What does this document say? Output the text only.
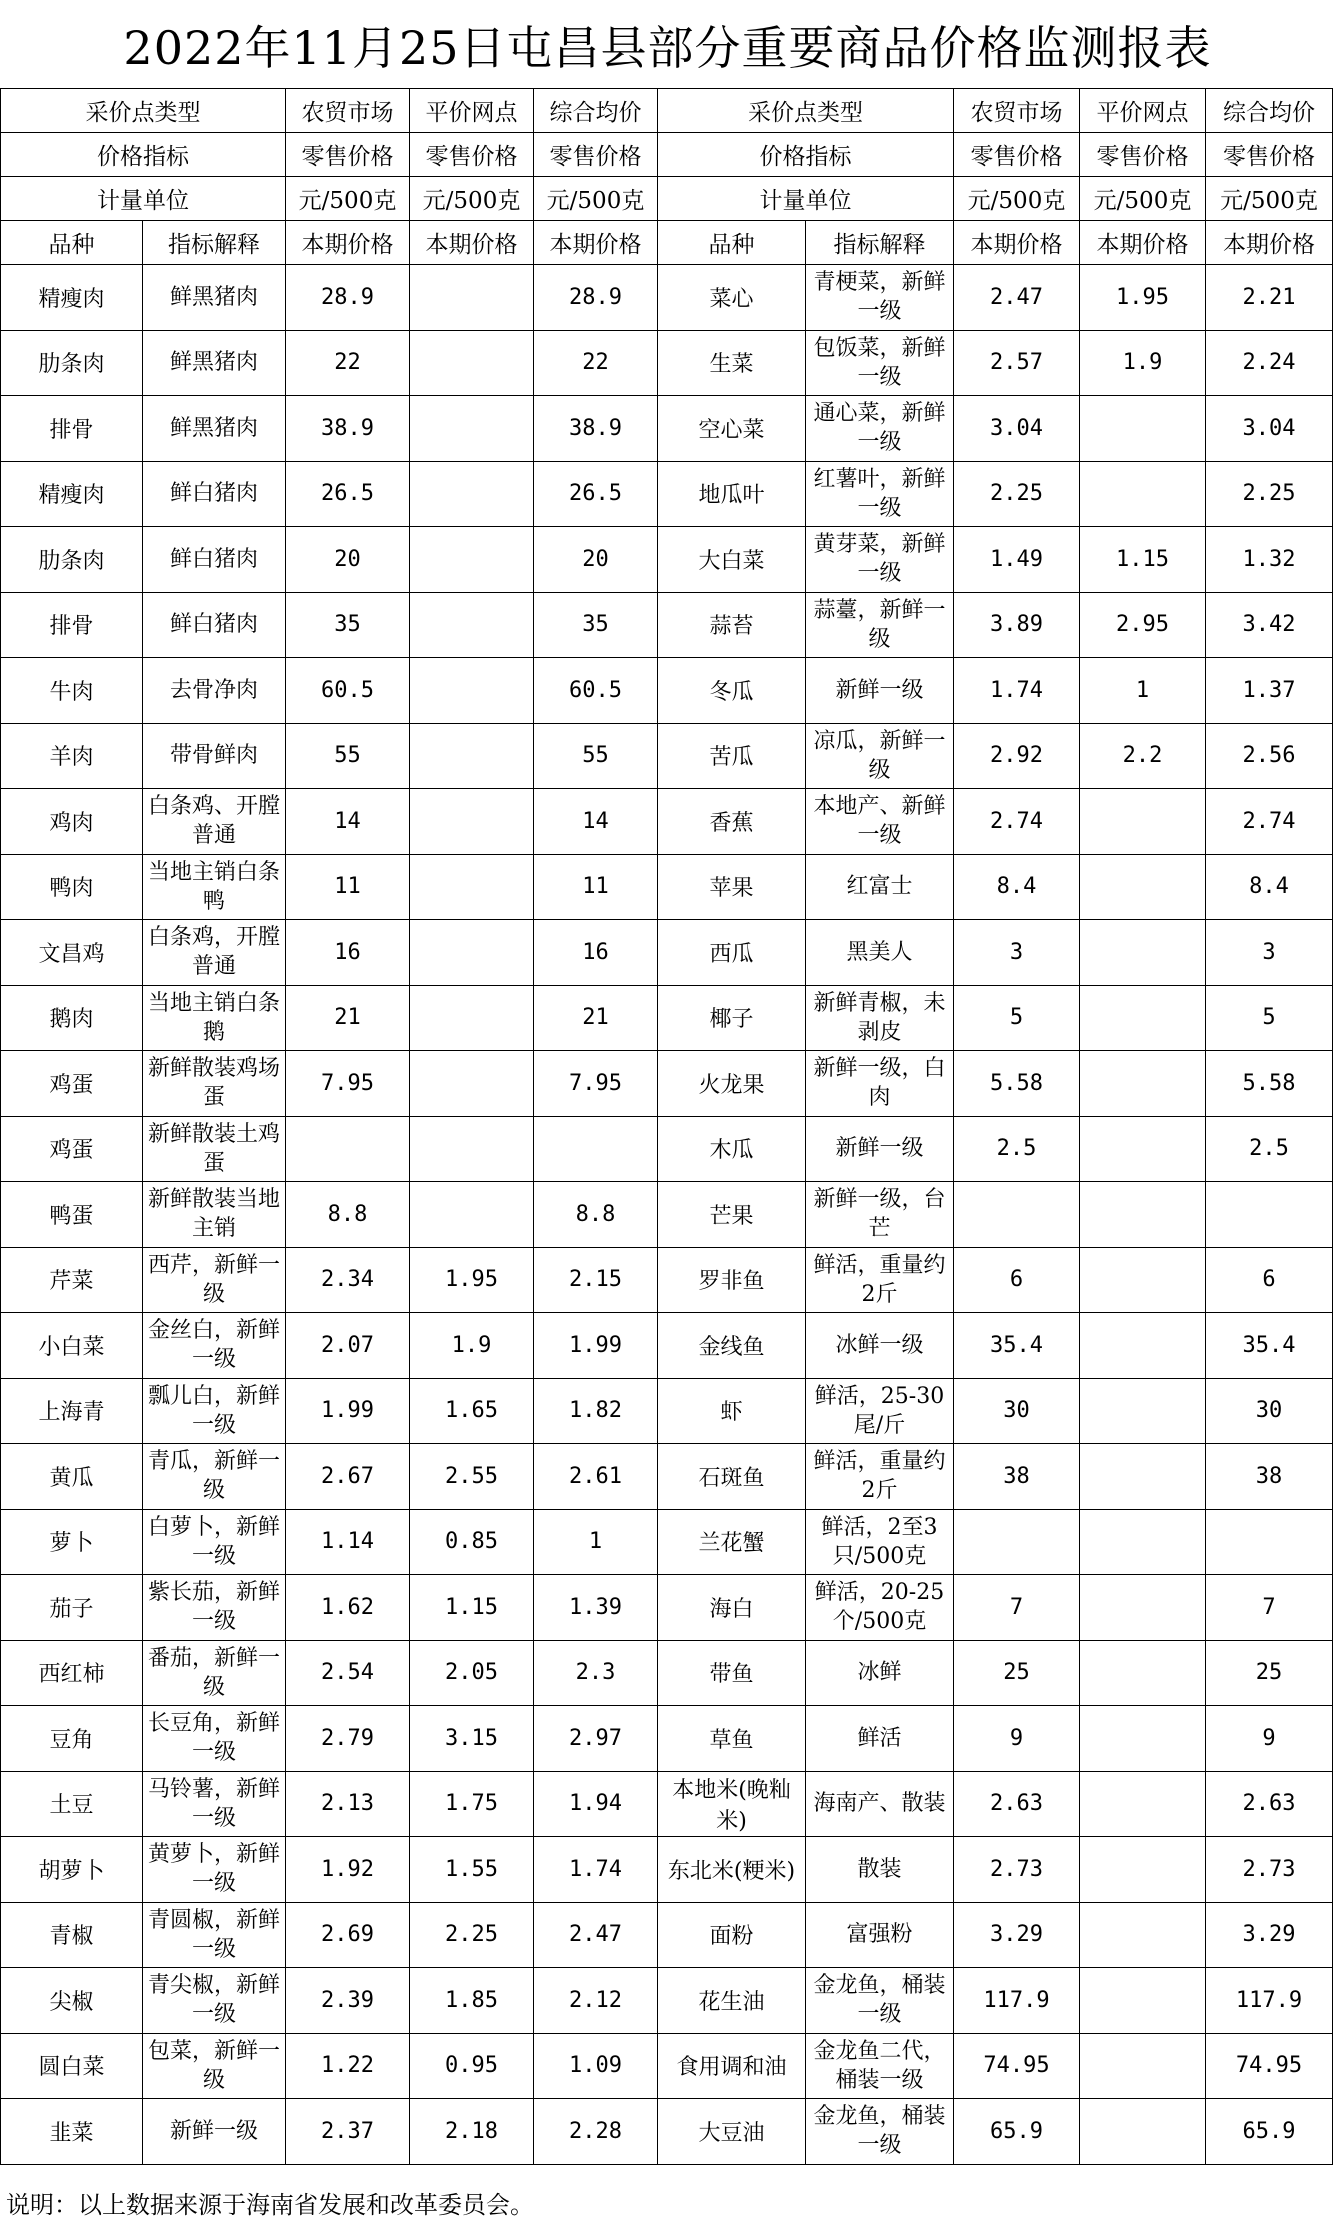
2022年11月25日屯昌县部分重要商品价格监测报表
采价点类型		农贸市场	平价网点	综合均价	采价点类型		农贸市场	平价网点	综合均价
价格指标		零售价格	零售价格	零售价格	价格指标		零售价格	零售价格	零售价格
计量单位		元/500克	元/500克	元/500克	计量单位		元/500克	元/500克	元/500克
品种	指标解释	本期价格	本期价格	本期价格	品种	指标解释	本期价格	本期价格	本期价格
精瘦肉	鲜黑猪肉	28.9		28.9	菜心	青梗菜，新鲜一级	2.47	1.95	2.21
肋条肉	鲜黑猪肉	22		22	生菜	包饭菜，新鲜一级	2.57	1.9	2.24
排骨	鲜黑猪肉	38.9		38.9	空心菜	通心菜，新鲜一级	3.04		3.04
精瘦肉	鲜白猪肉	26.5		26.5	地瓜叶	红薯叶，新鲜一级	2.25		2.25
肋条肉	鲜白猪肉	20		20	大白菜	黄芽菜，新鲜一级	1.49	1.15	1.32
排骨	鲜白猪肉	35		35	蒜苔	蒜薹，新鲜一级	3.89	2.95	3.42
牛肉	去骨净肉	60.5		60.5	冬瓜	新鲜一级	1.74	1	1.37
羊肉	带骨鲜肉	55		55	苦瓜	凉瓜，新鲜一级	2.92	2.2	2.56
鸡肉	白条鸡、开膛普通	14		14	香蕉	本地产、新鲜一级	2.74		2.74
鸭肉	当地主销白条鸭	11		11	苹果	红富士	8.4		8.4
文昌鸡	白条鸡，开膛普通	16		16	西瓜	黑美人	3		3
鹅肉	当地主销白条鹅	21		21	椰子	新鲜青椒，未剥皮	5		5
鸡蛋	新鲜散装鸡场蛋	7.95		7.95	火龙果	新鲜一级，白肉	5.58		5.58
鸡蛋	新鲜散装土鸡蛋				木瓜	新鲜一级	2.5		2.5
鸭蛋	新鲜散装当地主销	8.8		8.8	芒果	新鲜一级，台芒			
芹菜	西芹，新鲜一级	2.34	1.95	2.15	罗非鱼	鲜活，重量约2斤	6		6
小白菜	金丝白，新鲜一级	2.07	1.9	1.99	金线鱼	冰鲜一级	35.4		35.4
上海青	瓢儿白，新鲜一级	1.99	1.65	1.82	虾	鲜活，25-30尾/斤	30		30
黄瓜	青瓜，新鲜一级	2.67	2.55	2.61	石斑鱼	鲜活，重量约2斤	38		38
萝卜	白萝卜，新鲜一级	1.14	0.85	1	兰花蟹	鲜活，2至3只/500克			
茄子	紫长茄，新鲜一级	1.62	1.15	1.39	海白	鲜活，20-25个/500克	7		7
西红柿	番茄，新鲜一级	2.54	2.05	2.3	带鱼	冰鲜	25		25
豆角	长豆角，新鲜一级	2.79	3.15	2.97	草鱼	鲜活	9		9
土豆	马铃薯，新鲜一级	2.13	1.75	1.94	本地米(晚籼米)	海南产、散装	2.63		2.63
胡萝卜	黄萝卜，新鲜一级	1.92	1.55	1.74	东北米(粳米)	散装	2.73		2.73
青椒	青圆椒，新鲜一级	2.69	2.25	2.47	面粉	富强粉	3.29		3.29
尖椒	青尖椒，新鲜一级	2.39	1.85	2.12	花生油	金龙鱼，桶装一级	117.9		117.9
圆白菜	包菜，新鲜一级	1.22	0.95	1.09	食用调和油	金龙鱼二代，桶装一级	74.95		74.95
韭菜	新鲜一级	2.37	2.18	2.28	大豆油	金龙鱼，桶装一级	65.9		65.9
说明：以上数据来源于海南省发展和改革委员会。
